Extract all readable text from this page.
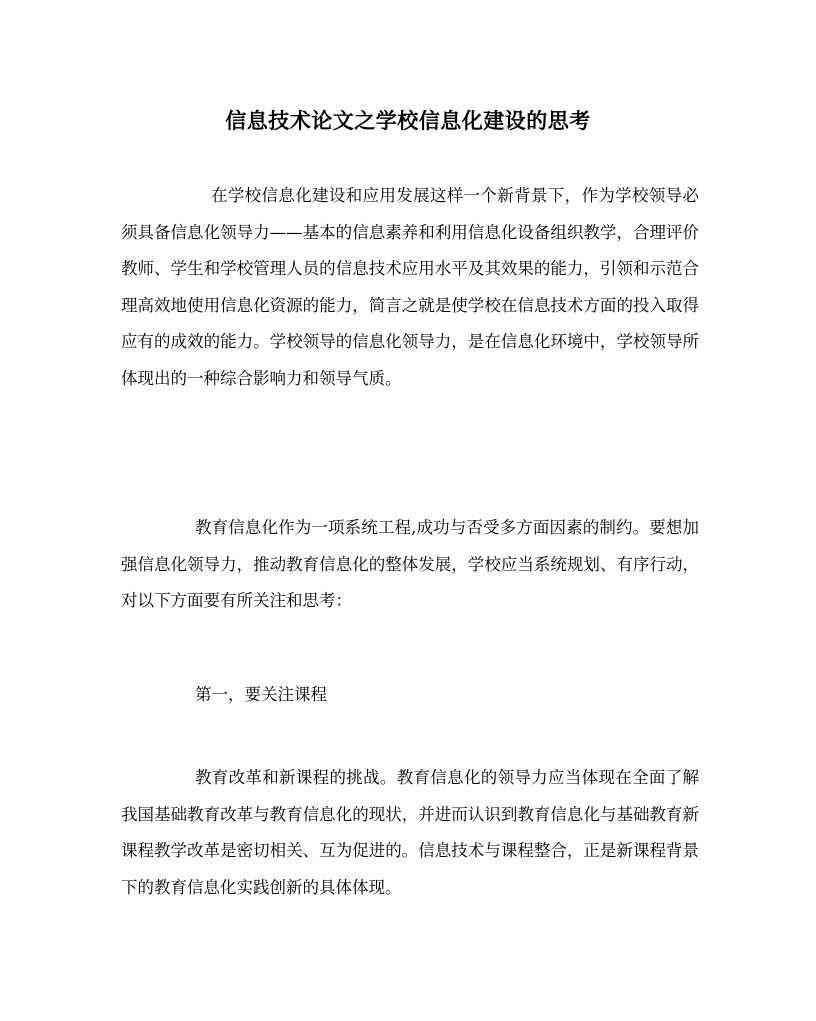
信息技术论文之学校信息化建设的思考

在学校信息化建设和应用发展这样一个新背景下，作为学校领导必须具备信息化领导力——基本的信息素养和利用信息化设备组织教学，合理评价教师、学生和学校管理人员的信息技术应用水平及其效果的能力，引领和示范合理高效地使用信息化资源的能力，简言之就是使学校在信息技术方面的投入取得应有的成效的能力。学校领导的信息化领导力，是在信息化环境中，学校领导所体现出的一种综合影响力和领导气质。

教育信息化作为一项系统工程,成功与否受多方面因素的制约。要想加强信息化领导力，推动教育信息化的整体发展，学校应当系统规划、有序行动，对以下方面要有所关注和思考：

第一，要关注课程

教育改革和新课程的挑战。教育信息化的领导力应当体现在全面了解我国基础教育改革与教育信息化的现状，并进而认识到教育信息化与基础教育新课程教学改革是密切相关、互为促进的。信息技术与课程整合，正是新课程背景下的教育信息化实践创新的具体体现。
